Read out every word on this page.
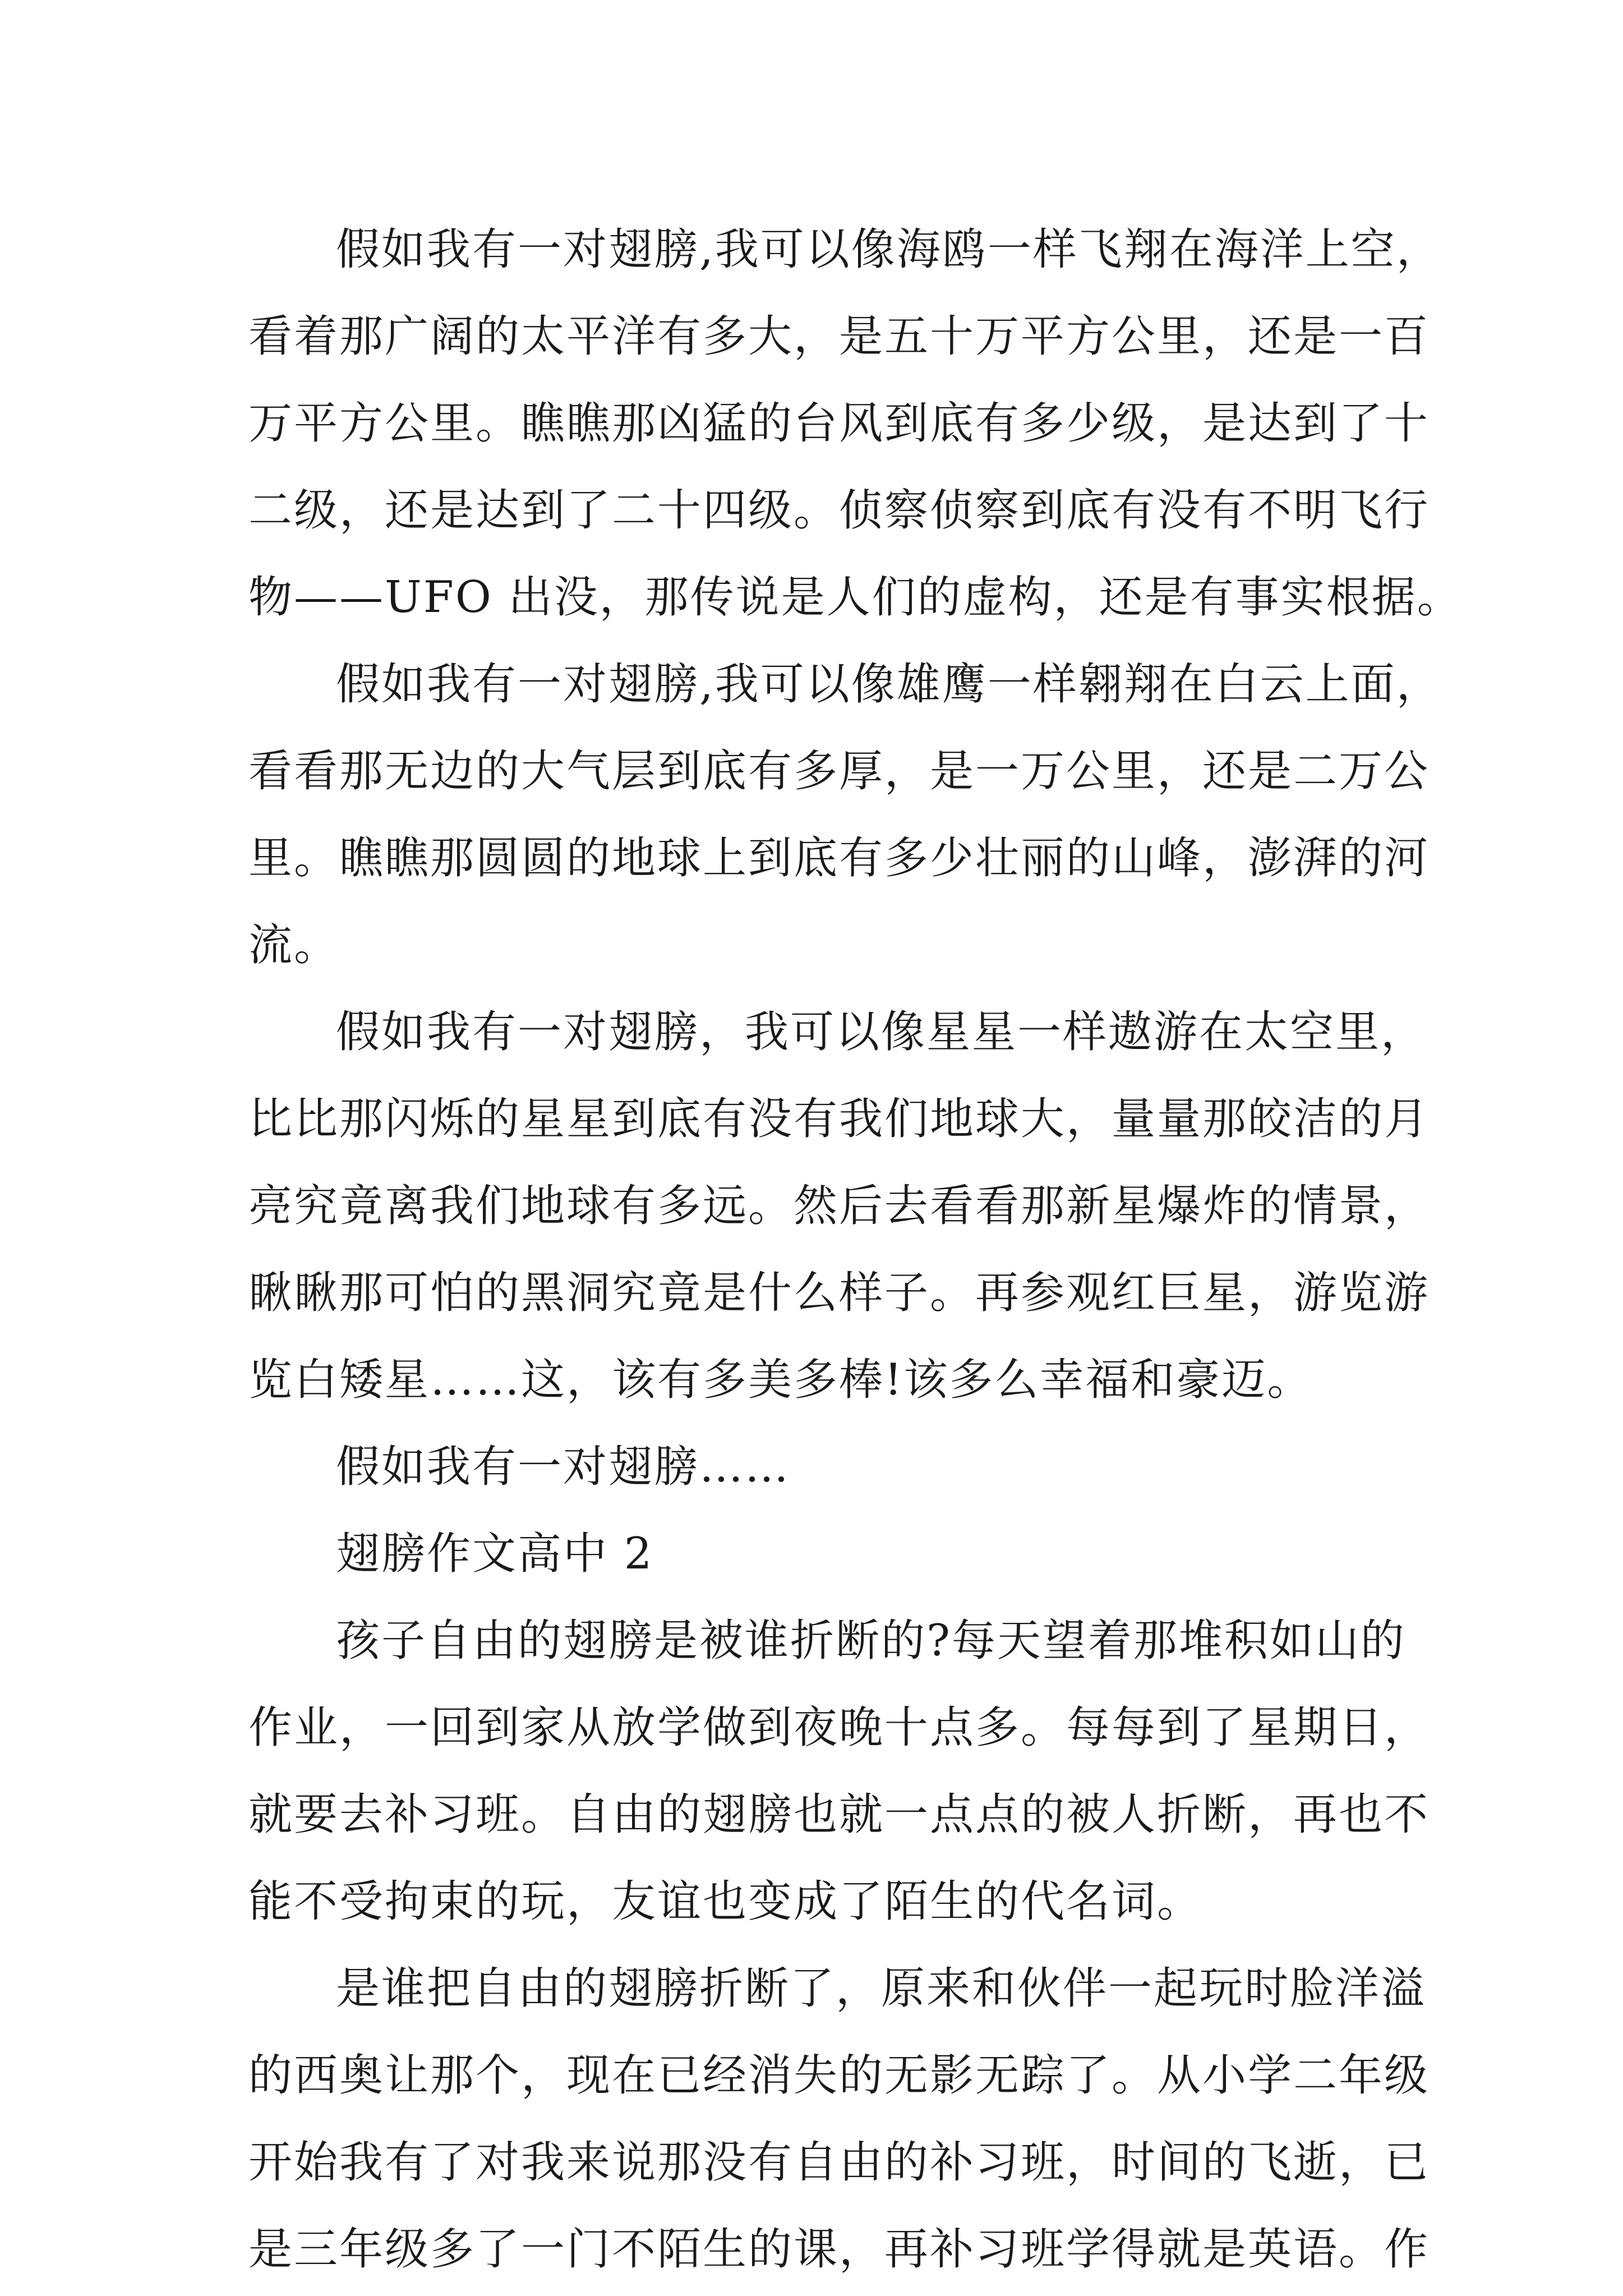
假如我有一对翅膀,我可以像海鸥一样飞翔在海洋上空，
看着那广阔的太平洋有多大，是五十万平方公里，还是一百
万平方公里。瞧瞧那凶猛的台风到底有多少级，是达到了十
二级，还是达到了二十四级。侦察侦察到底有没有不明飞行
物——UFO 出没，那传说是人们的虚构，还是有事实根据。
假如我有一对翅膀,我可以像雄鹰一样翱翔在白云上面，
看看那无边的大气层到底有多厚，是一万公里，还是二万公
里。瞧瞧那圆圆的地球上到底有多少壮丽的山峰，澎湃的河
流。
假如我有一对翅膀，我可以像星星一样遨游在太空里，
比比那闪烁的星星到底有没有我们地球大，量量那皎洁的月
亮究竟离我们地球有多远。然后去看看那新星爆炸的情景，
瞅瞅那可怕的黑洞究竟是什么样子。再参观红巨星，游览游
览白矮星……这，该有多美多棒!该多么幸福和豪迈。
假如我有一对翅膀……
翅膀作文高中 2
孩子自由的翅膀是被谁折断的?每天望着那堆积如山的
作业，一回到家从放学做到夜晚十点多。每每到了星期日，
就要去补习班。自由的翅膀也就一点点的被人折断，再也不
能不受拘束的玩，友谊也变成了陌生的代名词。
是谁把自由的翅膀折断了，原来和伙伴一起玩时脸洋溢
的西奥让那个，现在已经消失的无影无踪了。从小学二年级
开始我有了对我来说那没有自由的补习班，时间的飞逝，已
是三年级多了一门不陌生的课，再补习班学得就是英语。作
